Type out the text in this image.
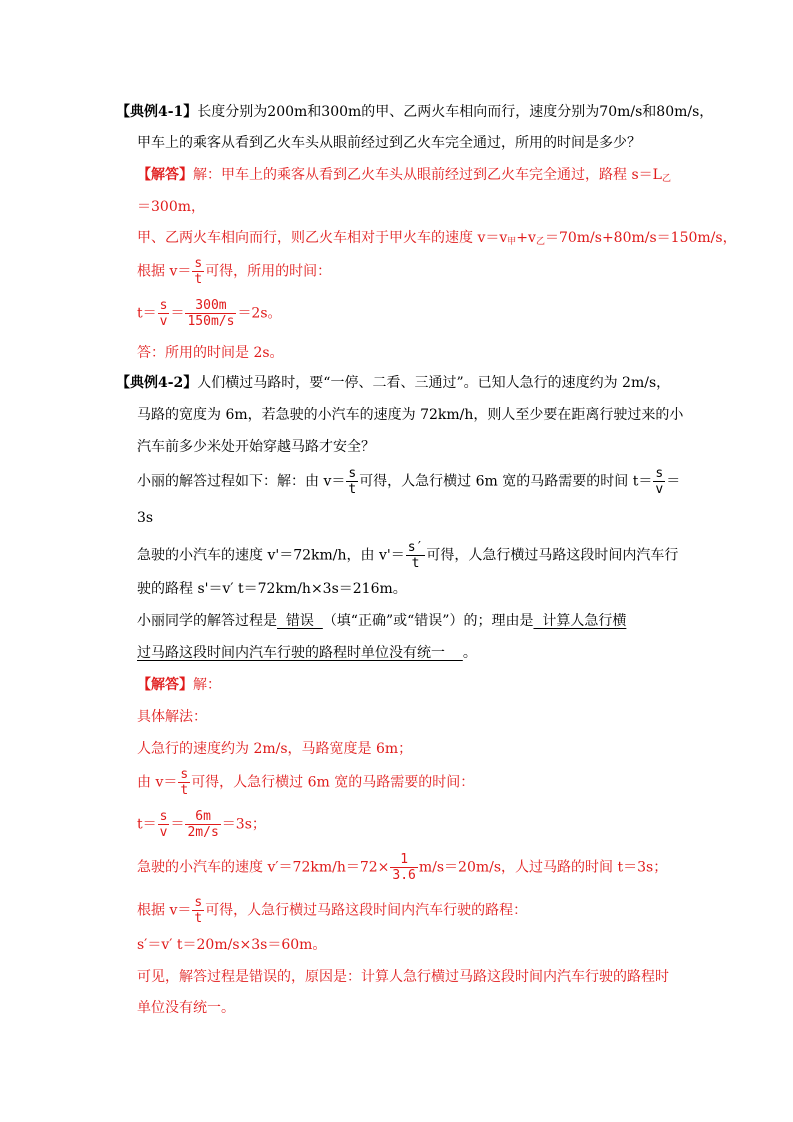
【典例4-1】长度分别为200m和300m的甲、乙两火车相向而行，速度分别为70m/s和80m/s，
甲车上的乘客从看到乙火车头从眼前经过到乙火车完全通过，所用的时间是多少？
【解答】解：甲车上的乘客从看到乙火车头从眼前经过到乙火车完全通过，路程 $s=L_乙$
＝300m，
甲、乙两火车相向而行，则乙火车相对于甲火车的速度 $v=v_甲+v_乙=70m/s+80m/s=150m/s$，
根据 $v= \frac{s}{t}$ 可得，所用的时间：
$t= \frac{s}{v} = \frac{300m}{150m/s} =2s$。
答：所用的时间是 2s。
【典例4-2】人们横过马路时，要“一停、二看、三通过”。已知人急行的速度约为 2m/s，
马路的宽度为 6m，若急驶的小汽车的速度为 72km/h，则人至少要在距离行驶过来的小
汽车前多少米处开始穿越马路才安全？
小丽的解答过程如下：解：由 $v= \frac{s}{t}$ 可得，人急行横过 6m 宽的马路需要的时间 $t= \frac{s}{v}$ ＝
3s
急驶的小汽车的速度 v'＝72km/h，由 $v'= \frac{s'}{t}$ 可得，人急行横过马路这段时间内汽车行
驶的路程 s'＝v′ t＝72km/h×3s＝216m。
小丽同学的解答过程是  错误  （填“正确”或“错误”）的；理由是  计算人急行横
过马路这段时间内汽车行驶的路程时单位没有统一    。
【解答】解：
具体解法：
人急行的速度约为 2m/s，马路宽度是 6m；
由 $v= \frac{s}{t}$ 可得，人急行横过 6m 宽的马路需要的时间：
$t= \frac{s}{v} = \frac{6m}{2m/s} =3s$；
急驶的小汽车的速度 $v'=72km/h=72\times \frac{1}{3.6} m/s=20m/s$，人过马路的时间 t＝3s；
根据 $v= \frac{s}{t}$ 可得，人急行横过马路这段时间内汽车行驶的路程：
s′＝v′ t＝20m/s×3s＝60m。
可见，解答过程是错误的，原因是：计算人急行横过马路这段时间内汽车行驶的路程时
单位没有统一。
